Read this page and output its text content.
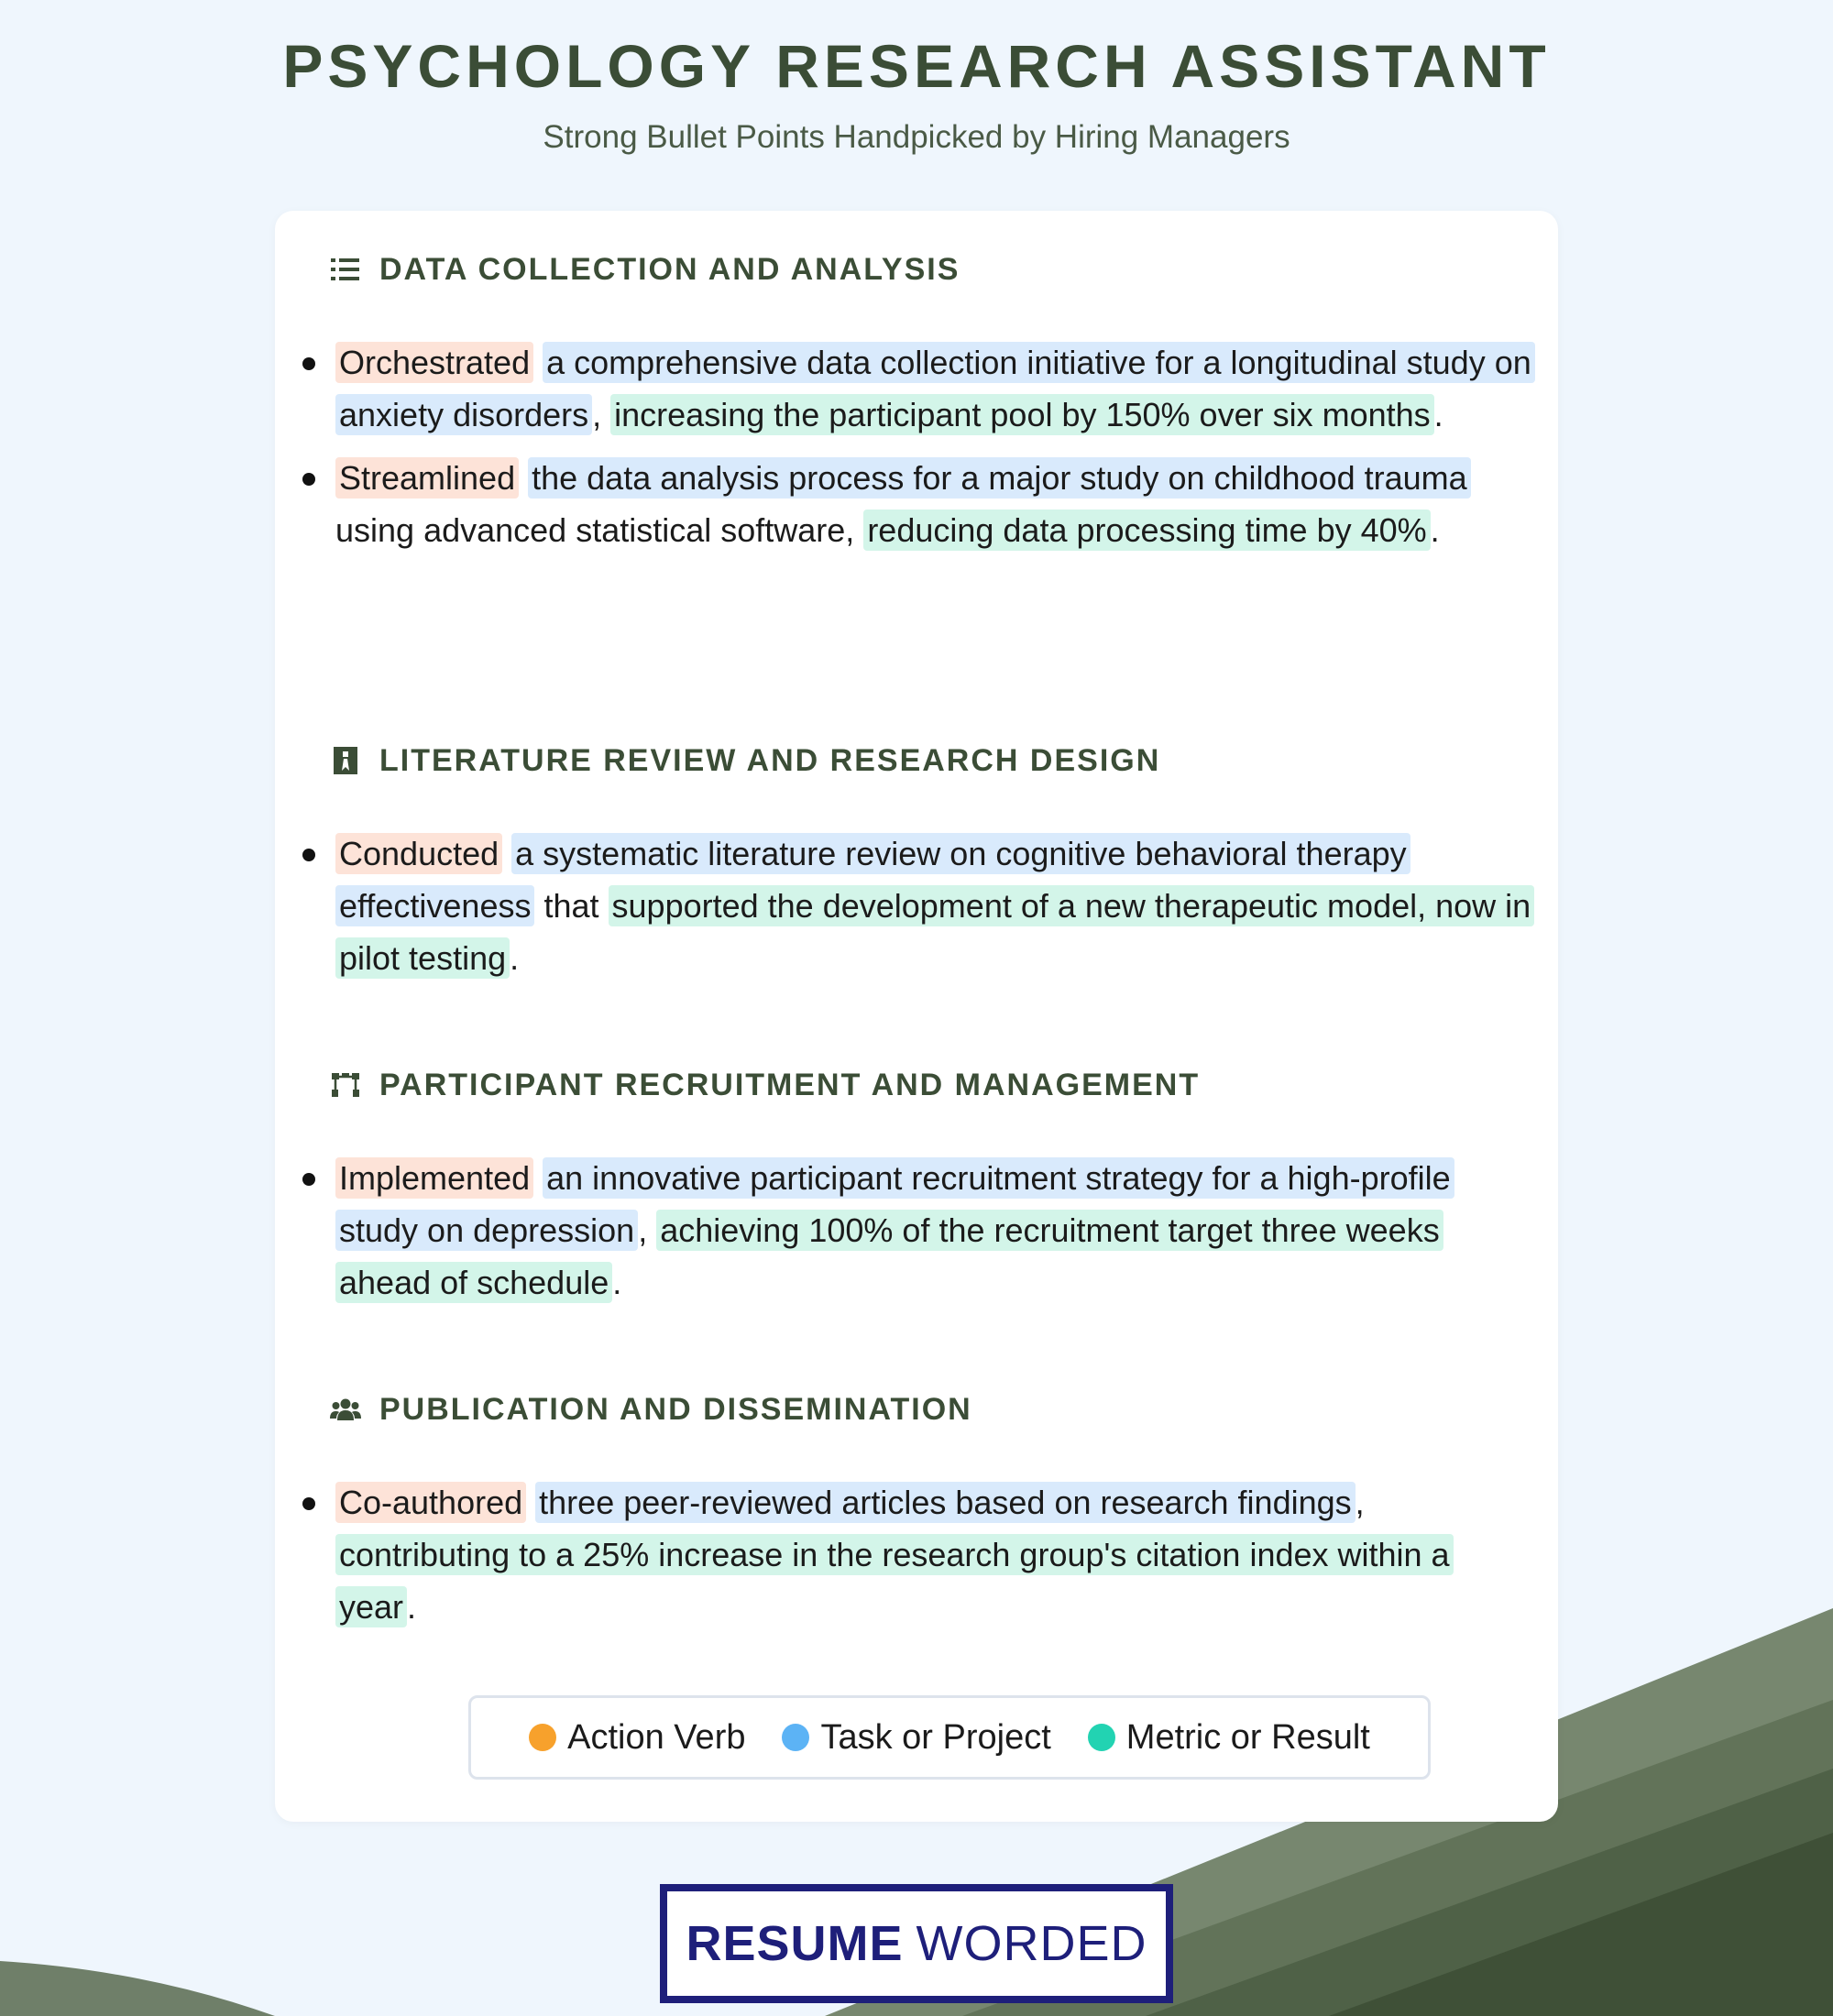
PSYCHOLOGY RESEARCH ASSISTANT
Strong Bullet Points Handpicked by Hiring Managers
DATA COLLECTION AND ANALYSIS
Orchestrated a comprehensive data collection initiative for a longitudinal study on anxiety disorders , increasing the participant pool by 150% over six months .
Streamlined the data analysis process for a major study on childhood trauma using advanced statistical software, reducing data processing time by 40% .
LITERATURE REVIEW AND RESEARCH DESIGN
Conducted a systematic literature review on cognitive behavioral therapy effectiveness that supported the development of a new therapeutic model, now in pilot testing .
PARTICIPANT RECRUITMENT AND MANAGEMENT
Implemented an innovative participant recruitment strategy for a high-profile study on depression , achieving 100% of the recruitment target three weeks ahead of schedule .
PUBLICATION AND DISSEMINATION
Co-authored three peer-reviewed articles based on research findings , contributing to a 25% increase in the research group's citation index within a year .
Action Verb Task or Project Metric or Result
RESUME WORDED
